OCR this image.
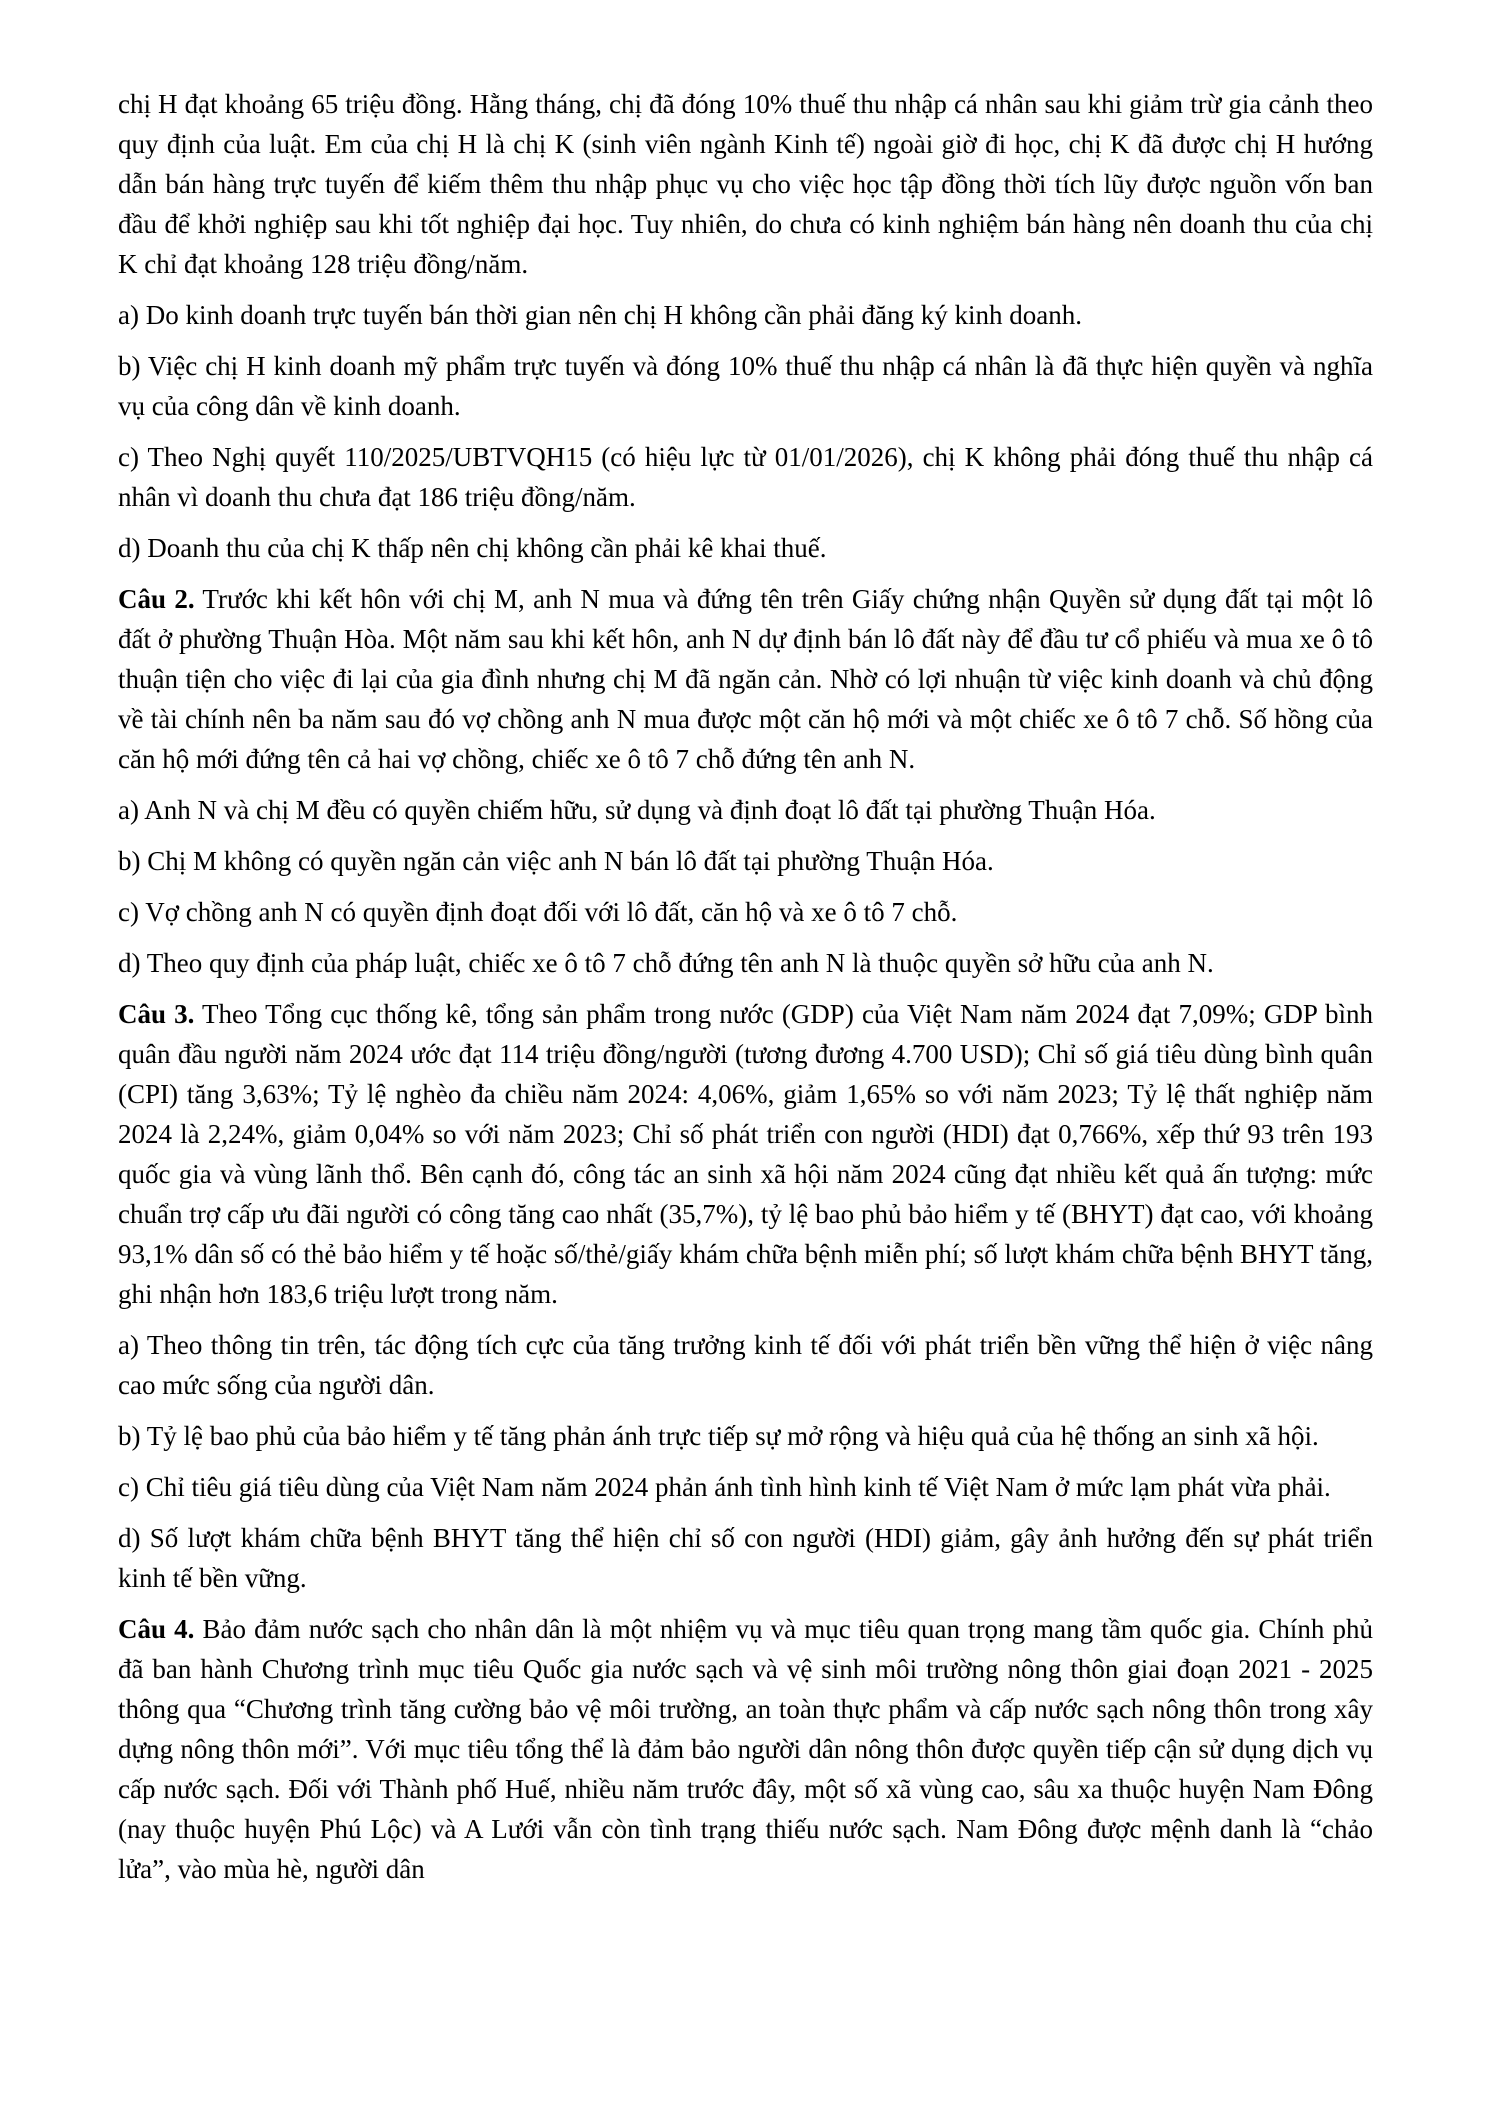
chị H đạt khoảng 65 triệu đồng. Hằng tháng, chị đã đóng 10% thuế thu nhập cá nhân sau khi giảm trừ gia cảnh theo quy định của luật. Em của chị H là chị K (sinh viên ngành Kinh tế) ngoài giờ đi học, chị K đã được chị H hướng dẫn bán hàng trực tuyến để kiếm thêm thu nhập phục vụ cho việc học tập đồng thời tích lũy được nguồn vốn ban đầu để khởi nghiệp sau khi tốt nghiệp đại học. Tuy nhiên, do chưa có kinh nghiệm bán hàng nên doanh thu của chị K chỉ đạt khoảng 128 triệu đồng/năm.

a) Do kinh doanh trực tuyến bán thời gian nên chị H không cần phải đăng ký kinh doanh.

b) Việc chị H kinh doanh mỹ phẩm trực tuyến và đóng 10% thuế thu nhập cá nhân là đã thực hiện quyền và nghĩa vụ của công dân về kinh doanh.

c) Theo Nghị quyết 110/2025/UBTVQH15 (có hiệu lực từ 01/01/2026), chị K không phải đóng thuế thu nhập cá nhân vì doanh thu chưa đạt 186 triệu đồng/năm.

d) Doanh thu của chị K thấp nên chị không cần phải kê khai thuế.

Câu 2. Trước khi kết hôn với chị M, anh N mua và đứng tên trên Giấy chứng nhận Quyền sử dụng đất tại một lô đất ở phường Thuận Hòa. Một năm sau khi kết hôn, anh N dự định bán lô đất này để đầu tư cổ phiếu và mua xe ô tô thuận tiện cho việc đi lại của gia đình nhưng chị M đã ngăn cản. Nhờ có lợi nhuận từ việc kinh doanh và chủ động về tài chính nên ba năm sau đó vợ chồng anh N mua được một căn hộ mới và một chiếc xe ô tô 7 chỗ. Số hồng của căn hộ mới đứng tên cả hai vợ chồng, chiếc xe ô tô 7 chỗ đứng tên anh N.

a) Anh N và chị M đều có quyền chiếm hữu, sử dụng và định đoạt lô đất tại phường Thuận Hóa.

b) Chị M không có quyền ngăn cản việc anh N bán lô đất tại phường Thuận Hóa.

c) Vợ chồng anh N có quyền định đoạt đối với lô đất, căn hộ và xe ô tô 7 chỗ.

d) Theo quy định của pháp luật, chiếc xe ô tô 7 chỗ đứng tên anh N là thuộc quyền sở hữu của anh N.

Câu 3. Theo Tổng cục thống kê, tổng sản phẩm trong nước (GDP) của Việt Nam năm 2024 đạt 7,09%; GDP bình quân đầu người năm 2024 ước đạt 114 triệu đồng/người (tương đương 4.700 USD); Chỉ số giá tiêu dùng bình quân (CPI) tăng 3,63%; Tỷ lệ nghèo đa chiều năm 2024: 4,06%, giảm 1,65% so với năm 2023; Tỷ lệ thất nghiệp năm 2024 là 2,24%, giảm 0,04% so với năm 2023; Chỉ số phát triển con người (HDI) đạt 0,766%, xếp thứ 93 trên 193 quốc gia và vùng lãnh thổ. Bên cạnh đó, công tác an sinh xã hội năm 2024 cũng đạt nhiều kết quả ấn tượng: mức chuẩn trợ cấp ưu đãi người có công tăng cao nhất (35,7%), tỷ lệ bao phủ bảo hiểm y tế (BHYT) đạt cao, với khoảng 93,1% dân số có thẻ bảo hiểm y tế hoặc số/thẻ/giấy khám chữa bệnh miễn phí; số lượt khám chữa bệnh BHYT tăng, ghi nhận hơn 183,6 triệu lượt trong năm.

a) Theo thông tin trên, tác động tích cực của tăng trưởng kinh tế đối với phát triển bền vững thể hiện ở việc nâng cao mức sống của người dân.

b) Tỷ lệ bao phủ của bảo hiểm y tế tăng phản ánh trực tiếp sự mở rộng và hiệu quả của hệ thống an sinh xã hội.

c) Chỉ tiêu giá tiêu dùng của Việt Nam năm 2024 phản ánh tình hình kinh tế Việt Nam ở mức lạm phát vừa phải.

d) Số lượt khám chữa bệnh BHYT tăng thể hiện chỉ số con người (HDI) giảm, gây ảnh hưởng đến sự phát triển kinh tế bền vững.

Câu 4. Bảo đảm nước sạch cho nhân dân là một nhiệm vụ và mục tiêu quan trọng mang tầm quốc gia. Chính phủ đã ban hành Chương trình mục tiêu Quốc gia nước sạch và vệ sinh môi trường nông thôn giai đoạn 2021 - 2025 thông qua “Chương trình tăng cường bảo vệ môi trường, an toàn thực phẩm và cấp nước sạch nông thôn trong xây dựng nông thôn mới”. Với mục tiêu tổng thể là đảm bảo người dân nông thôn được quyền tiếp cận sử dụng dịch vụ cấp nước sạch. Đối với Thành phố Huế, nhiều năm trước đây, một số xã vùng cao, sâu xa thuộc huyện Nam Đông (nay thuộc huyện Phú Lộc) và A Lưới vẫn còn tình trạng thiếu nước sạch. Nam Đông được mệnh danh là “chảo lửa”, vào mùa hè, người dân
